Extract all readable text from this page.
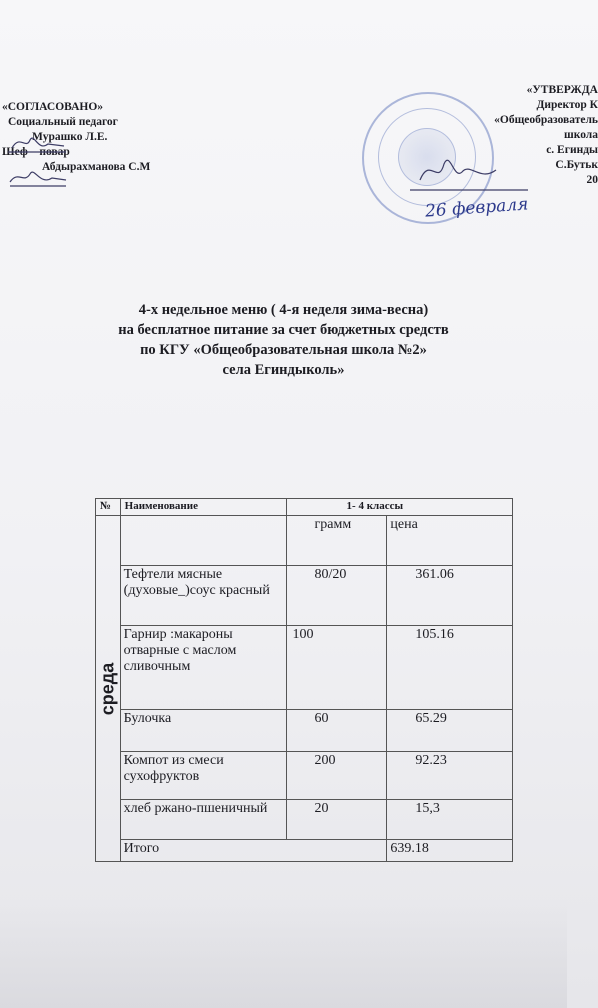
«СОГЛАСОВАНО»
Социальный педагог
Мурашко Л.Е.
Шеф – повар
Абдырахманова С.М
«УТВЕРЖДА
Директор К
«Общеобразователь
школа
с. Егинды
С.Бутьк
20
26 февраля
4-х недельное меню ( 4-я неделя зима-весна)
на бесплатное питание за счет бюджетных средств
по КГУ «Общеобразовательная школа №2»
села Егиндыколь»
№	Наименование	1- 4 классы	

среда		грамм	цена
	Тефтели мясные (духовые_)соус красный	80/20	361.06
	Гарнир :макароны отварные с маслом сливочным	100	105.16
	Булочка	60	65.29
	Компот из смеси сухофруктов	200	92.23
	хлеб ржано-пшеничный	20	15,3
	Итого		639.18
